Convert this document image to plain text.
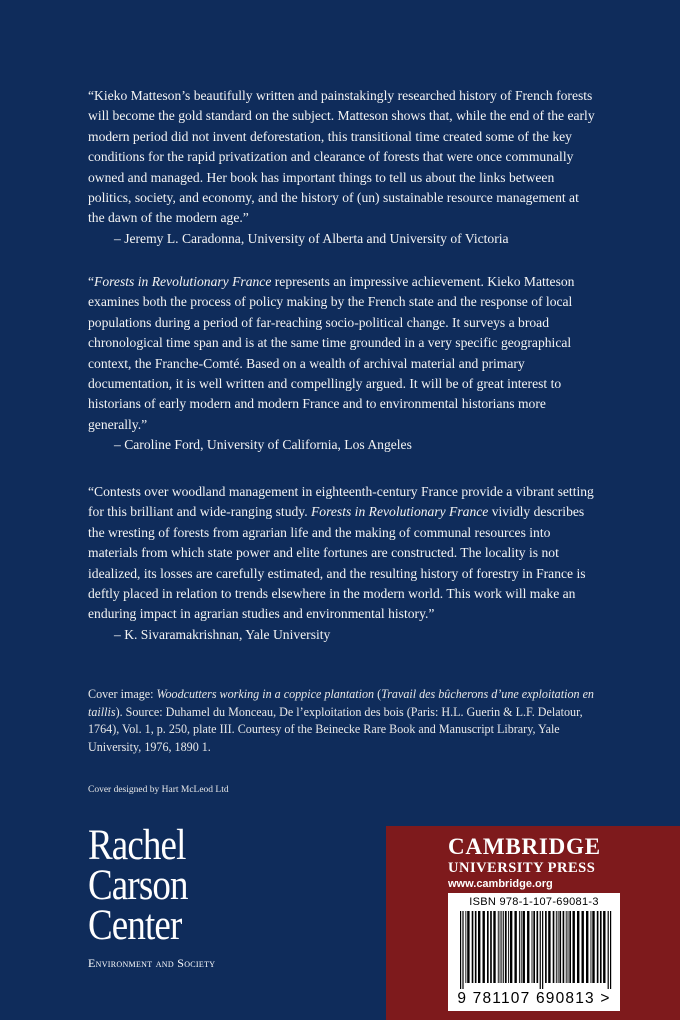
“Kieko Matteson’s beautifully written and painstakingly researched history of French forests will become the gold standard on the subject. Matteson shows that, while the end of the early modern period did not invent deforestation, this transitional time created some of the key conditions for the rapid privatization and clearance of forests that were once communally owned and managed. Her book has important things to tell us about the links between politics, society, and economy, and the history of (un) sustainable resource management at the dawn of the modern age.”

– Jeremy L. Caradonna, University of Alberta and University of Victoria

“Forests in Revolutionary France represents an impressive achievement. Kieko Matteson examines both the process of policy making by the French state and the response of local populations during a period of far-reaching socio-political change. It surveys a broad chronological time span and is at the same time grounded in a very specific geographical context, the Franche-Comté. Based on a wealth of archival material and primary documentation, it is well written and compellingly argued. It will be of great interest to historians of early modern and modern France and to environmental historians more generally.”

– Caroline Ford, University of California, Los Angeles

“Contests over woodland management in eighteenth-century France provide a vibrant setting for this brilliant and wide-ranging study. Forests in Revolutionary France vividly describes the wresting of forests from agrarian life and the making of communal resources into materials from which state power and elite fortunes are constructed. The locality is not idealized, its losses are carefully estimated, and the resulting history of forestry in France is deftly placed in relation to trends elsewhere in the modern world. This work will make an enduring impact in agrarian studies and environmental history.”

– K. Sivaramakrishnan, Yale University

Cover image: Woodcutters working in a coppice plantation (Travail des bûcherons d’une exploitation en taillis). Source: Duhamel du Monceau, De l’exploitation des bois (Paris: H.L. Guerin & L.F. Delatour, 1764), Vol. 1, p. 250, plate III. Courtesy of the Beinecke Rare Book and Manuscript Library, Yale University, 1976, 1890 1.
Cover designed by Hart McLeod Ltd
Rachel
Carson
Center
Environment and Society
CAMBRIDGE
UNIVERSITY PRESS
www.cambridge.org
ISBN 978-1-107-69081-3
9 781107 690813 >
